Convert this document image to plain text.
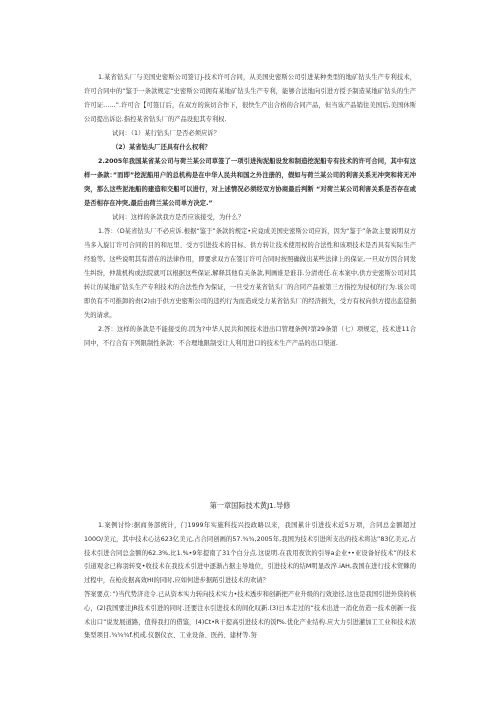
1.某省钻头厂与美国史密斯公司签订j-技术许可合同，从美国史密斯公司引进某种类型的地矿钻头生产专利技术，许可合同中的“鉴于一条款规定“史密斯公司拥有某地矿钻头生产专利，能够合法地向引进方授予制造某地矿钻头的生产许可证……”.许可合【可签订后，在双方的诙切合作下，很快生产出合格的合同产品，但当该产品销往美国后,美国休斯公司提出诉讼.指控某省钻头厂的产品设犯其专利权.

试问：（1）某行钻头厂是否必须应诉？

（2）某省钻头厂还具有什么权利？

2.2005年我国某省某公司与荷兰某公司草签了一项引进拘泥船设发和制造挖泥船专有技术的许可合同，其中有这样一条款：”而即”挖泥船用户的总机构是在中华人民共和国之外注册的，假如与荷兰某公司的利害关系无冲突和将无冲突，那么这些泥池船的建造和交船可以进行，对上述情况必须经双方协商最后判断 “对荷兰某公司利害关系是否存在或是否相存在冲突,最后由荷兰某公司单方决定.”

试问：这样的条款我方是否应该接受，为什么？

1.答：（D某省钻头厂不必应诉.根据“鉴于”条款的规定•应竟成美国史密斯公司应诉，因为“鉴于”条款主要说明双方当多入旋订许可合同的目的和厄里、受方引进技术的目标、供方转让技术使用权的合法性和该项技术是否具有实际生产经验等。这些说明其有潜在的法律作用，即要求双方在签订许可合同时按照确做出某些法律上的保证,一旦双方因合同发生纠纷，仲裁机构或法院就可以根据这些保证,解释其他有关条款,判画谁是谁非.分清责任.在本案中,供方史密斯公司对其转让的某地矿钻头生产专利技术的合法性作为保证，一旦受方某省钻头厂的合同产品被第三方指控为侵权的行为.该公司即负有不可推卸的责(2)由于供方史密斯公司的违约行为而造成受力某省钻头厂的经济损失，受方有权向供方提出监偿损失的请求。

2.答：这样的条款是不能接受的.因为?中华人民共和国技术进出口管理条例?第29条第（七）项规定，技术进11合同中，不行合有下列限制性条款：不合理地限制受让人利用进口的技术生产产品的出口渠道.

第一章国际技术黄J1.导修

1.案例讨怜:据商务部统计，门1999年实施科技兴投政略以来，我国累计引进技术近5万项，合同总金额超过100O/美元，其中技术心达623亿美元,占合同创画的57.¾¾,2005年,我国为技术引进所支出的技术将达”83亿美元,占技术引进合同总金额的62.3%,比1.%•9年提南了31个白分点.这说明.在我用夜饮的引导a企业••亚设备好技术”的技术引道观念已称羽转变•收技术在我技术引进中逐渐占据主导地位，引进技术的结M明显改淬.iAH,我国在进行技术贸棘的过程中，在枪皮据高效HI的同时,应如何进步据跖引进技术的欢请？

答案要点：”)当代势济竞令.已从资本实力转向技术实力•技术透步和创新把产业升级的行效途径,这也是我国引进外贷的核心，(2)我国要注JR技术引进的同时.还要注水引进技术的间化叹新.(3)日本走过的“技术出进一消化仿造一技术创新一技术出口”说发展道路，值得我打的借鉴，(4)Ct•R干提高引进技术的饭f%.优化产业结构.应大力引进灌加工工业和技术浓集型项目.¾¾¾f.机戒.仪器仪衣、工业设备、医药、建材等.努
